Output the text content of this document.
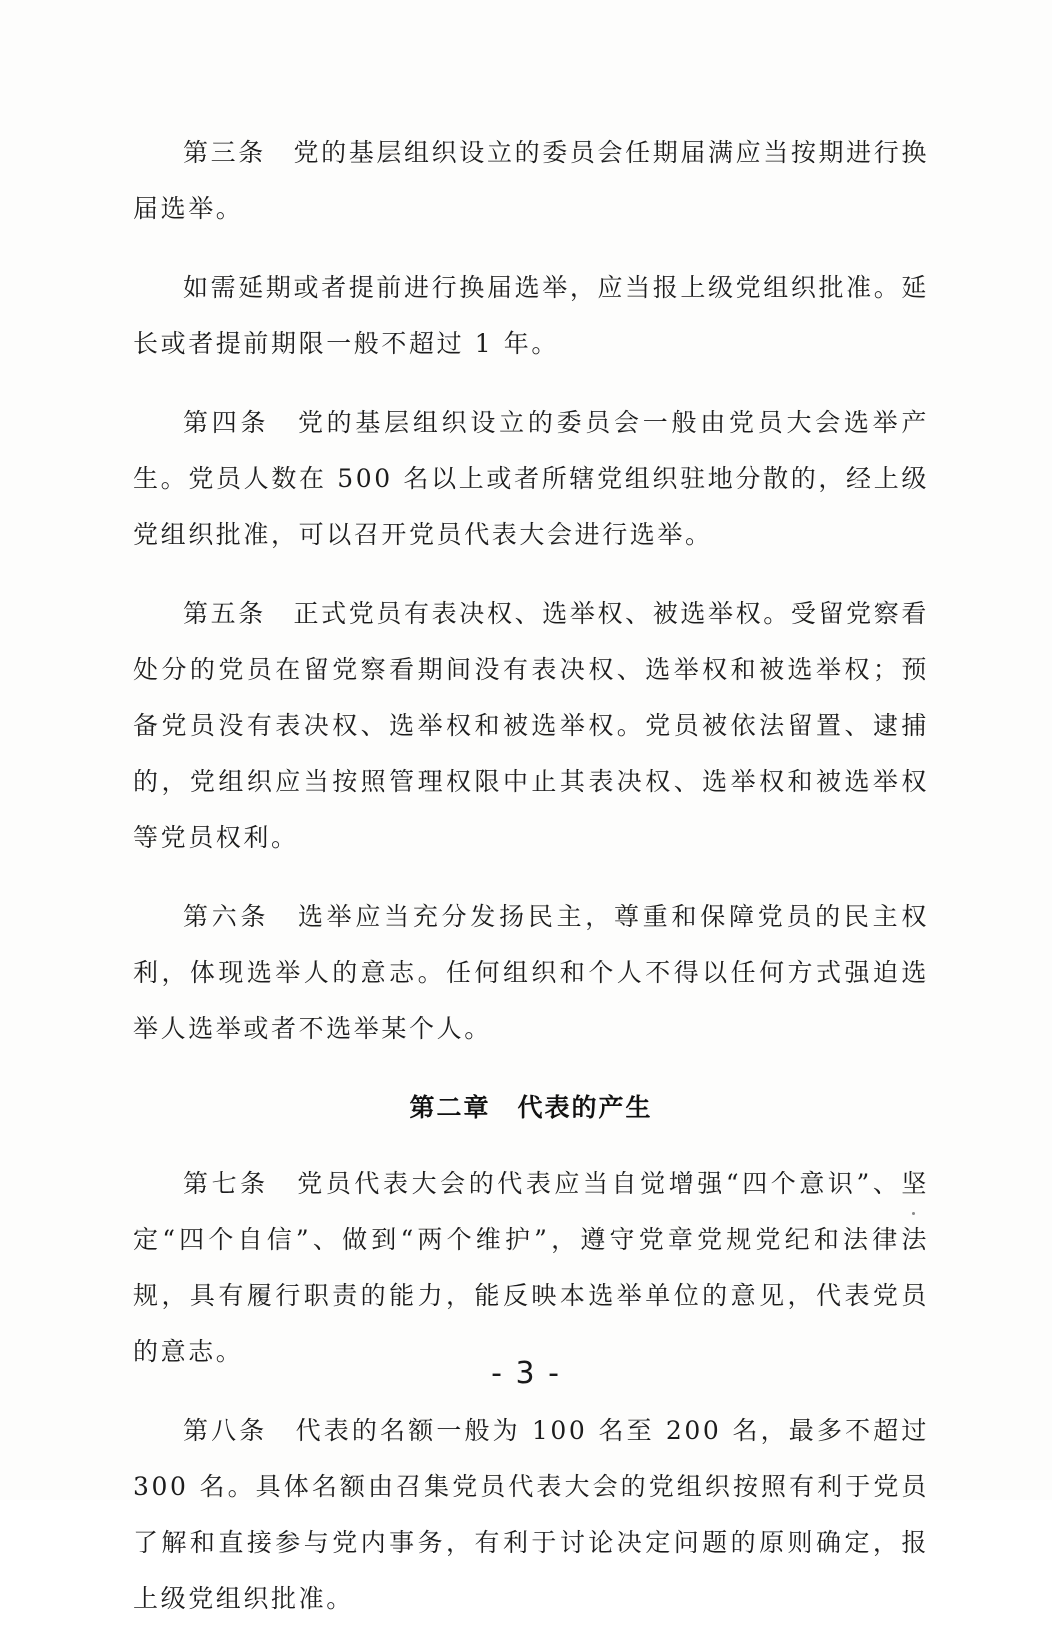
第三条　党的基层组织设立的委员会任期届满应当按期进行换届选举。

如需延期或者提前进行换届选举，应当报上级党组织批准。延长或者提前期限一般不超过 1 年。

第四条　党的基层组织设立的委员会一般由党员大会选举产生。党员人数在 500 名以上或者所辖党组织驻地分散的，经上级党组织批准，可以召开党员代表大会进行选举。

第五条　正式党员有表决权、选举权、被选举权。受留党察看处分的党员在留党察看期间没有表决权、选举权和被选举权；预备党员没有表决权、选举权和被选举权。党员被依法留置、逮捕的，党组织应当按照管理权限中止其表决权、选举权和被选举权等党员权利。

第六条　选举应当充分发扬民主，尊重和保障党员的民主权利，体现选举人的意志。任何组织和个人不得以任何方式强迫选举人选举或者不选举某个人。

第二章　代表的产生

第七条　党员代表大会的代表应当自觉增强“四个意识”、坚定“四个自信”、做到“两个维护”，遵守党章党规党纪和法律法规，具有履行职责的能力，能反映本选举单位的意见，代表党员的意志。

第八条　代表的名额一般为 100 名至 200 名，最多不超过 300 名。具体名额由召集党员代表大会的党组织按照有利于党员了解和直接参与党内事务，有利于讨论决定问题的原则确定，报上级党组织批准。

- 3 -
